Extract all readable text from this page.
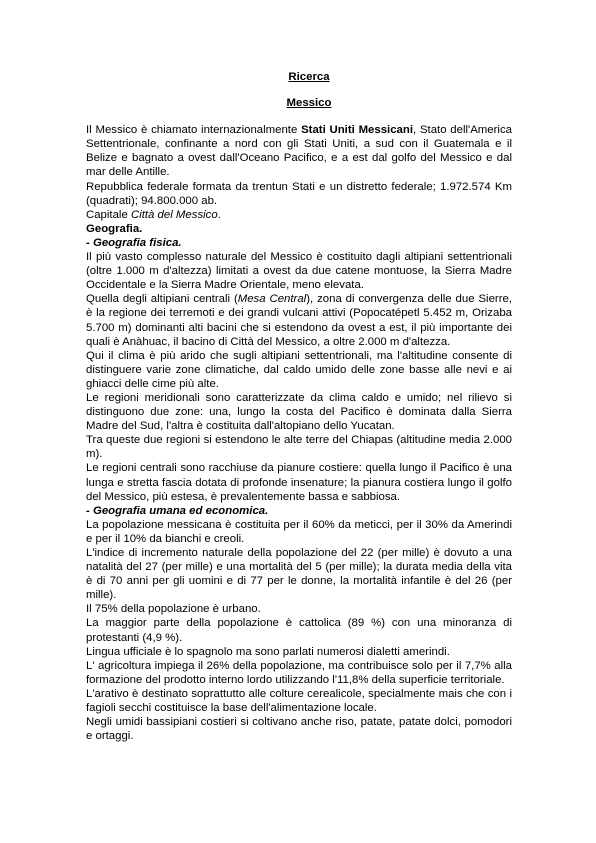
Ricerca

Messico

Il Messico è chiamato internazionalmente Stati Uniti Messicani, Stato dell'America Settentrionale, confinante a nord con gli Stati Uniti, a sud con il Guatemala e il Belize e bagnato a ovest dall'Oceano Pacifico, e a est dal golfo del Messico e dal mar delle Antille.

Repubblica federale formata da trentun Stati e un distretto federale; 1.972.574 Km (quadrati); 94.800.000 ab.

Capitale Città del Messico.

Geografia.

- Geografia fisica.

Il più vasto complesso naturale del Messico è costituito dagli altipiani settentrionali (oltre 1.000 m d'altezza) limitati a ovest da due catene montuose, la Sierra Madre Occidentale e la Sierra Madre Orientale, meno elevata.

Quella degli altipiani centrali (Mesa Central), zona di convergenza delle due Sierre, è la regione dei terremoti e dei grandi vulcani attivi (Popocatépetl 5.452 m, Orizaba 5.700 m) dominanti alti bacini che si estendono da ovest a est, il più importante dei quali è Anàhuac, il bacino di Città del Messico, a oltre 2.000 m d'altezza.

Qui il clima è più arido che sugli altipiani settentrionali, ma l'altitudine consente di distinguere varie zone climatiche, dal caldo umido delle zone basse alle nevi e ai ghiacci delle cime più alte.

Le regioni meridionali sono caratterizzate da clima caldo e umido; nel rilievo si distinguono due zone: una, lungo la costa del Pacifico è dominata dalla Sierra Madre del Sud, l'altra è costituita dall'altopiano dello Yucatan.

Tra queste due regioni si estendono le alte terre del Chiapas (altitudine media 2.000 m).

Le regioni centrali sono racchiuse da pianure costiere: quella lungo il Pacifico è una lunga e stretta fascia dotata di profonde insenature; la pianura costiera lungo il golfo del Messico, più estesa, è prevalentemente bassa e sabbiosa.

- Geografia umana ed economica.

La popolazione messicana è costituita per il 60% da meticci, per il 30% da Amerindi e per il 10% da bianchi e creoli.

L'indice di incremento naturale della popolazione del 22 (per mille) è dovuto a una natalità del 27 (per mille) e una mortalità del 5 (per mille); la durata media della vita è di 70 anni per gli uomini e di 77 per le donne, la mortalità infantile è del 26 (per mille).

Il 75% della popolazione è urbano.

La maggior parte della popolazione è cattolica (89 %) con una minoranza di protestanti (4,9 %).

Lingua ufficiale è lo spagnolo ma sono parlati numerosi dialetti amerindi.

L' agricoltura impiega il 26% della popolazione, ma contribuisce solo per il 7,7% alla formazione del prodotto interno lordo utilizzando l'11,8% della superficie territoriale.

L'arativo è destinato soprattutto alle colture cerealicole, specialmente mais che con i fagioli secchi costituisce la base dell'alimentazione locale.

Negli umidi bassipiani costieri si coltivano anche riso, patate, patate dolci, pomodori e ortaggi.
